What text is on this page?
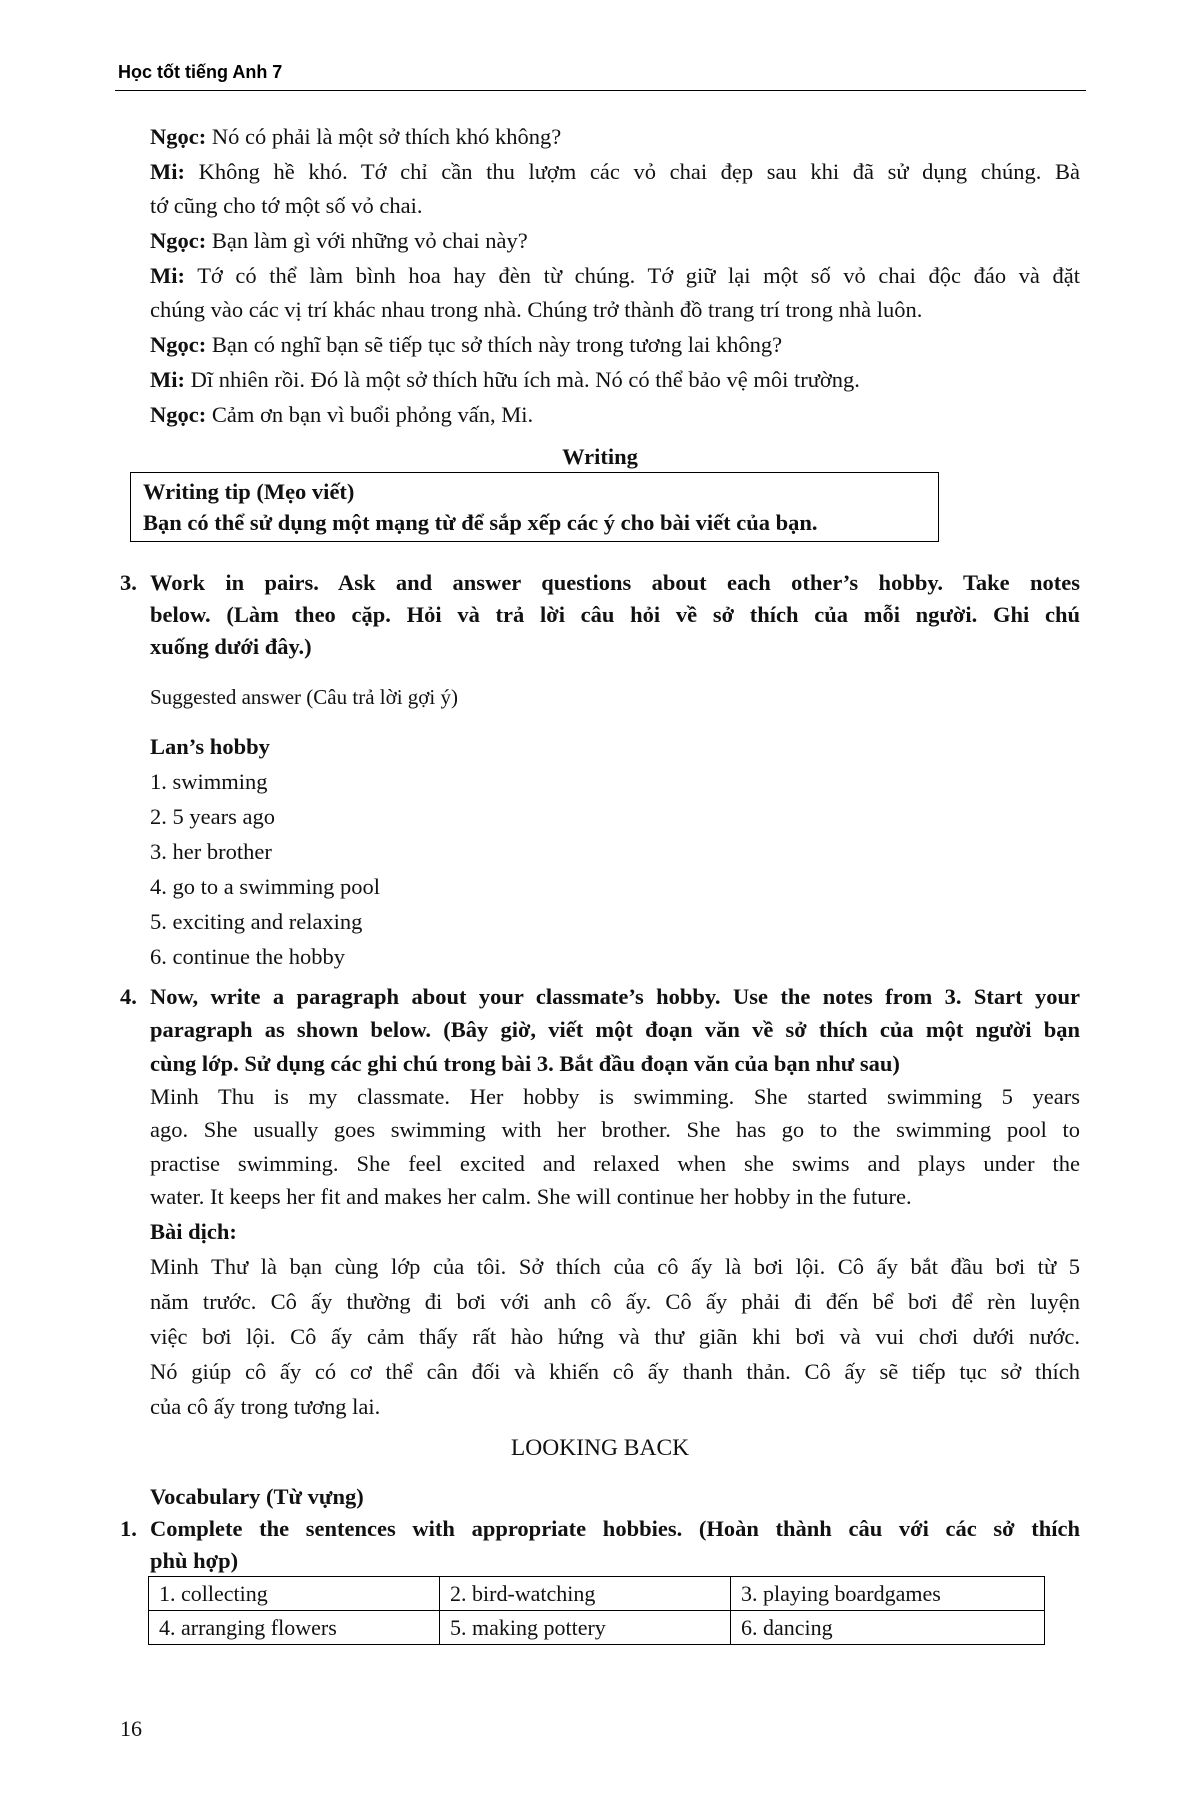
Học tốt tiếng Anh 7
Ngọc: Nó có phải là một sở thích khó không?
Mi: Không hề khó. Tớ chỉ cần thu lượm các vỏ chai đẹp sau khi đã sử dụng chúng. Bà
tớ cũng cho tớ một số vỏ chai.
Ngọc: Bạn làm gì với những vỏ chai này?
Mi: Tớ có thể làm bình hoa hay đèn từ chúng. Tớ giữ lại một số vỏ chai độc đáo và đặt
chúng vào các vị trí khác nhau trong nhà. Chúng trở thành đồ trang trí trong nhà luôn.
Ngọc: Bạn có nghĩ bạn sẽ tiếp tục sở thích này trong tương lai không?
Mi: Dĩ nhiên rồi. Đó là một sở thích hữu ích mà. Nó có thể bảo vệ môi trường.
Ngọc: Cảm ơn bạn vì buổi phỏng vấn, Mi.
Writing
Writing tip (Mẹo viết)
Bạn có thể sử dụng một mạng từ để sắp xếp các ý cho bài viết của bạn.
3. Work in pairs. Ask and answer questions about each other’s hobby. Take notes
below. (Làm theo cặp. Hỏi và trả lời câu hỏi về sở thích của mỗi người. Ghi chú
xuống dưới đây.)
Suggested answer (Câu trả lời gợi ý)
Lan’s hobby
1. swimming
2. 5 years ago
3. her brother
4. go to a swimming pool
5. exciting and relaxing
6. continue the hobby
4. Now, write a paragraph about your classmate’s hobby. Use the notes from 3. Start your
paragraph as shown below. (Bây giờ, viết một đoạn văn về sở thích của một người bạn
cùng lớp. Sử dụng các ghi chú trong bài 3. Bắt đầu đoạn văn của bạn như sau)
Minh Thu is my classmate. Her hobby is swimming. She started swimming 5 years
ago. She usually goes swimming with her brother. She has go to the swimming pool to
practise swimming. She feel excited and relaxed when she swims and plays under the
water. It keeps her fit and makes her calm. She will continue her hobby in the future.
Bài dịch:
Minh Thư là bạn cùng lớp của tôi. Sở thích của cô ấy là bơi lội. Cô ấy bắt đầu bơi từ 5
năm trước. Cô ấy thường đi bơi với anh cô ấy. Cô ấy phải đi đến bể bơi để rèn luyện
việc bơi lội. Cô ấy cảm thấy rất hào hứng và thư giãn khi bơi và vui chơi dưới nước.
Nó giúp cô ấy có cơ thể cân đối và khiến cô ấy thanh thản. Cô ấy sẽ tiếp tục sở thích
của cô ấy trong tương lai.
LOOKING BACK
Vocabulary (Từ vựng)
1. Complete the sentences with appropriate hobbies. (Hoàn thành câu với các sở thích
phù hợp)
1. collecting	2. bird-watching	3. playing boardgames
4. arranging flowers	5. making pottery	6. dancing
16
